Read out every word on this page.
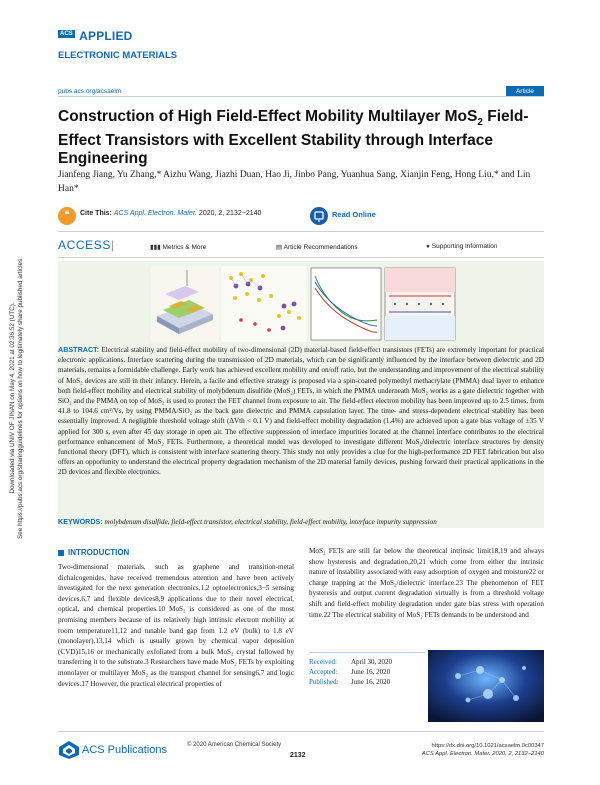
Downloaded via UNIV OF JINAN on May 4, 2021 at 02:36:52 (UTC). See https://pubs.acs.org/sharingguidelines for options on how to legitimately share published articles.
ACS APPLIED
ELECTRONIC MATERIALS
pubs.acs.org/acsaelm	Article
Construction of High Field-Effect Mobility Multilayer MoS$_2$ Field-Effect Transistors with Excellent Stability through Interface Engineering
Jianfeng Jiang, Yu Zhang,* Aizhu Wang, Jiazhi Duan, Hao Ji, Jinbo Pang, Yuanhua Sang, Xianjin Feng, Hong Liu,* and Lin Han*
❝	Cite This: ACS Appl. Electron. Mater. 2020, 2, 2132−2140	Read Online
ACCESS|	▮▮▮ Metrics & More	▤ Article Recommendations	● Supporting Information
ABSTRACT: Electrical stability and field-effect mobility of two-dimensional (2D) material-based field-effect transistors (FETs) are extremely important for practical electronic applications. Interface scattering during the transmission of 2D materials, which can be significantly influenced by the interface between dielectric and 2D materials, remains a formidable challenge. Early work has achieved excellent mobility and on/off ratio, but the understanding and improvement of the electrical stability of MoS₂ devices are still in their infancy. Herein, a facile and effective strategy is proposed via a spin-coated polymethyl methacrylate (PMMA) dual layer to enhance both field-effect mobility and electrical stability of molybdenum disulfide (MoS₂) FETs, in which the PMMA underneath MoS₂ works as a gate dielectric together with SiO₂ and the PMMA on top of MoS₂ is used to protect the FET channel from exposure to air. The field-effect electron mobility has been improved up to 2.5 times, from 41.8 to 104.6 cm²/Vs, by using PMMA/SiO₂ as the back gate dielectric and PMMA capsulation layer. The time- and stress-dependent electrical stability has been essentially improved. A negligible threshold voltage shift (ΔVth < 0.1 V) and field-effect mobility degradation (1.4%) are achieved upon a gate bias voltage of ±35 V applied for 300 s, even after 45 day storage in open air. The effective suppression of interface impurities located at the channel interface contributes to the electrical performance enhancement of MoS₂ FETs. Furthermore, a theoretical model was developed to investigate different MoS₂/dielectric interface structures by density functional theory (DFT), which is consistent with interface scattering theory. This study not only provides a clue for the high-performance 2D FET fabrication but also offers an opportunity to understand the electrical property degradation mechanism of the 2D material family devices, pushing forward their practical applications in the 2D devices and flexible electronics.
KEYWORDS: molybdenum disulfide, field-effect transistor, electrical stability, field-effect mobility, interface impurity suppression
INTRODUCTION
Two-dimensional materials, such as graphene and transition-metal dichalcogenides, have received tremendous attention and have been actively investigated for the next generation electronics,1,2 optoelectronics,3−5 sensing devices,6,7 and flexible devices8,9 applications due to their novel electrical, optical, and chemical properties.10 MoS₂ is considered as one of the most promising members because of its relatively high intrinsic electron mobility at room temperature11,12 and tunable band gap from 1.2 eV (bulk) to 1.8 eV (monolayer),13,14 which is usually grown by chemical vapor deposition (CVD)15,16 or mechanically exfoliated from a bulk MoS₂ crystal followed by transferring it to the substrate.3 Researchers have made MoS₂ FETs by exploiting monolayer or multilayer MoS₂ as the transport channel for sensing6,7 and logic devices.17 However, the practical electrical properties of
MoS₂ FETs are still far below the theoretical intrinsic limit18,19 and always show hysteresis and degradation,20,21 which come from either the intrinsic nature of instability associated with easy adsorption of oxygen and moisture22 or charge trapping at the MoS₂/dielectric interface.23 The phenomenon of FET hysteresis and output current degradation virtually is from a threshold voltage shift and field-effect mobility degradation under gate bias stress with operation time.22 The electrical stability of MoS₂ FETs demands to be understood and
Received: April 30, 2020
Accepted: June 16, 2020
Published: June 16, 2020
ACS Publications	© 2020 American Chemical Society
2132
https://dx.doi.org/10.1021/acsaelm.0c00347
ACS Appl. Electron. Mater. 2020, 2, 2132−2140
